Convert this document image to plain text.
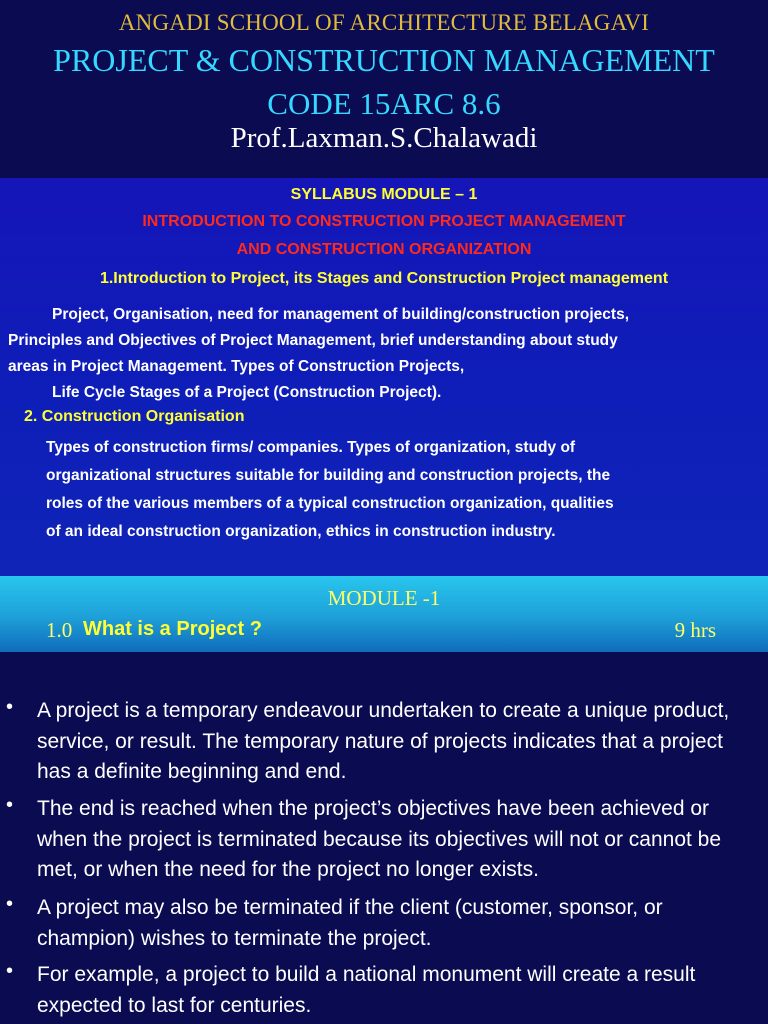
ANGADI SCHOOL OF ARCHITECTURE BELAGAVI
PROJECT & CONSTRUCTION MANAGEMENT
CODE 15ARC 8.6
Prof.Laxman.S.Chalawadi
SYLLABUS MODULE – 1
INTRODUCTION TO CONSTRUCTION PROJECT MANAGEMENT
AND CONSTRUCTION ORGANIZATION
1.Introduction to Project, its Stages and Construction Project management
Project, Organisation, need for management of building/construction projects,
Principles and Objectives of Project Management, brief understanding about study
areas in Project Management. Types of Construction Projects,
Life Cycle Stages of a Project (Construction Project).
2. Construction Organisation
Types of construction firms/ companies. Types of organization, study of
organizational structures suitable for building and construction projects, the
roles of the various members of a typical construction organization, qualities
of an ideal construction organization, ethics in construction industry.
MODULE -1
1.0 What is a Project ?	9 hrs
• A project is a temporary endeavour undertaken to create a unique product, service, or result. The temporary nature of projects indicates that a project has a definite beginning and end.
• The end is reached when the project’s objectives have been achieved or when the project is terminated because its objectives will not or cannot be met, or when the need for the project no longer exists.
• A project may also be terminated if the client (customer, sponsor, or champion) wishes to terminate the project.
• For example, a project to build a national monument will create a result expected to last for centuries.
